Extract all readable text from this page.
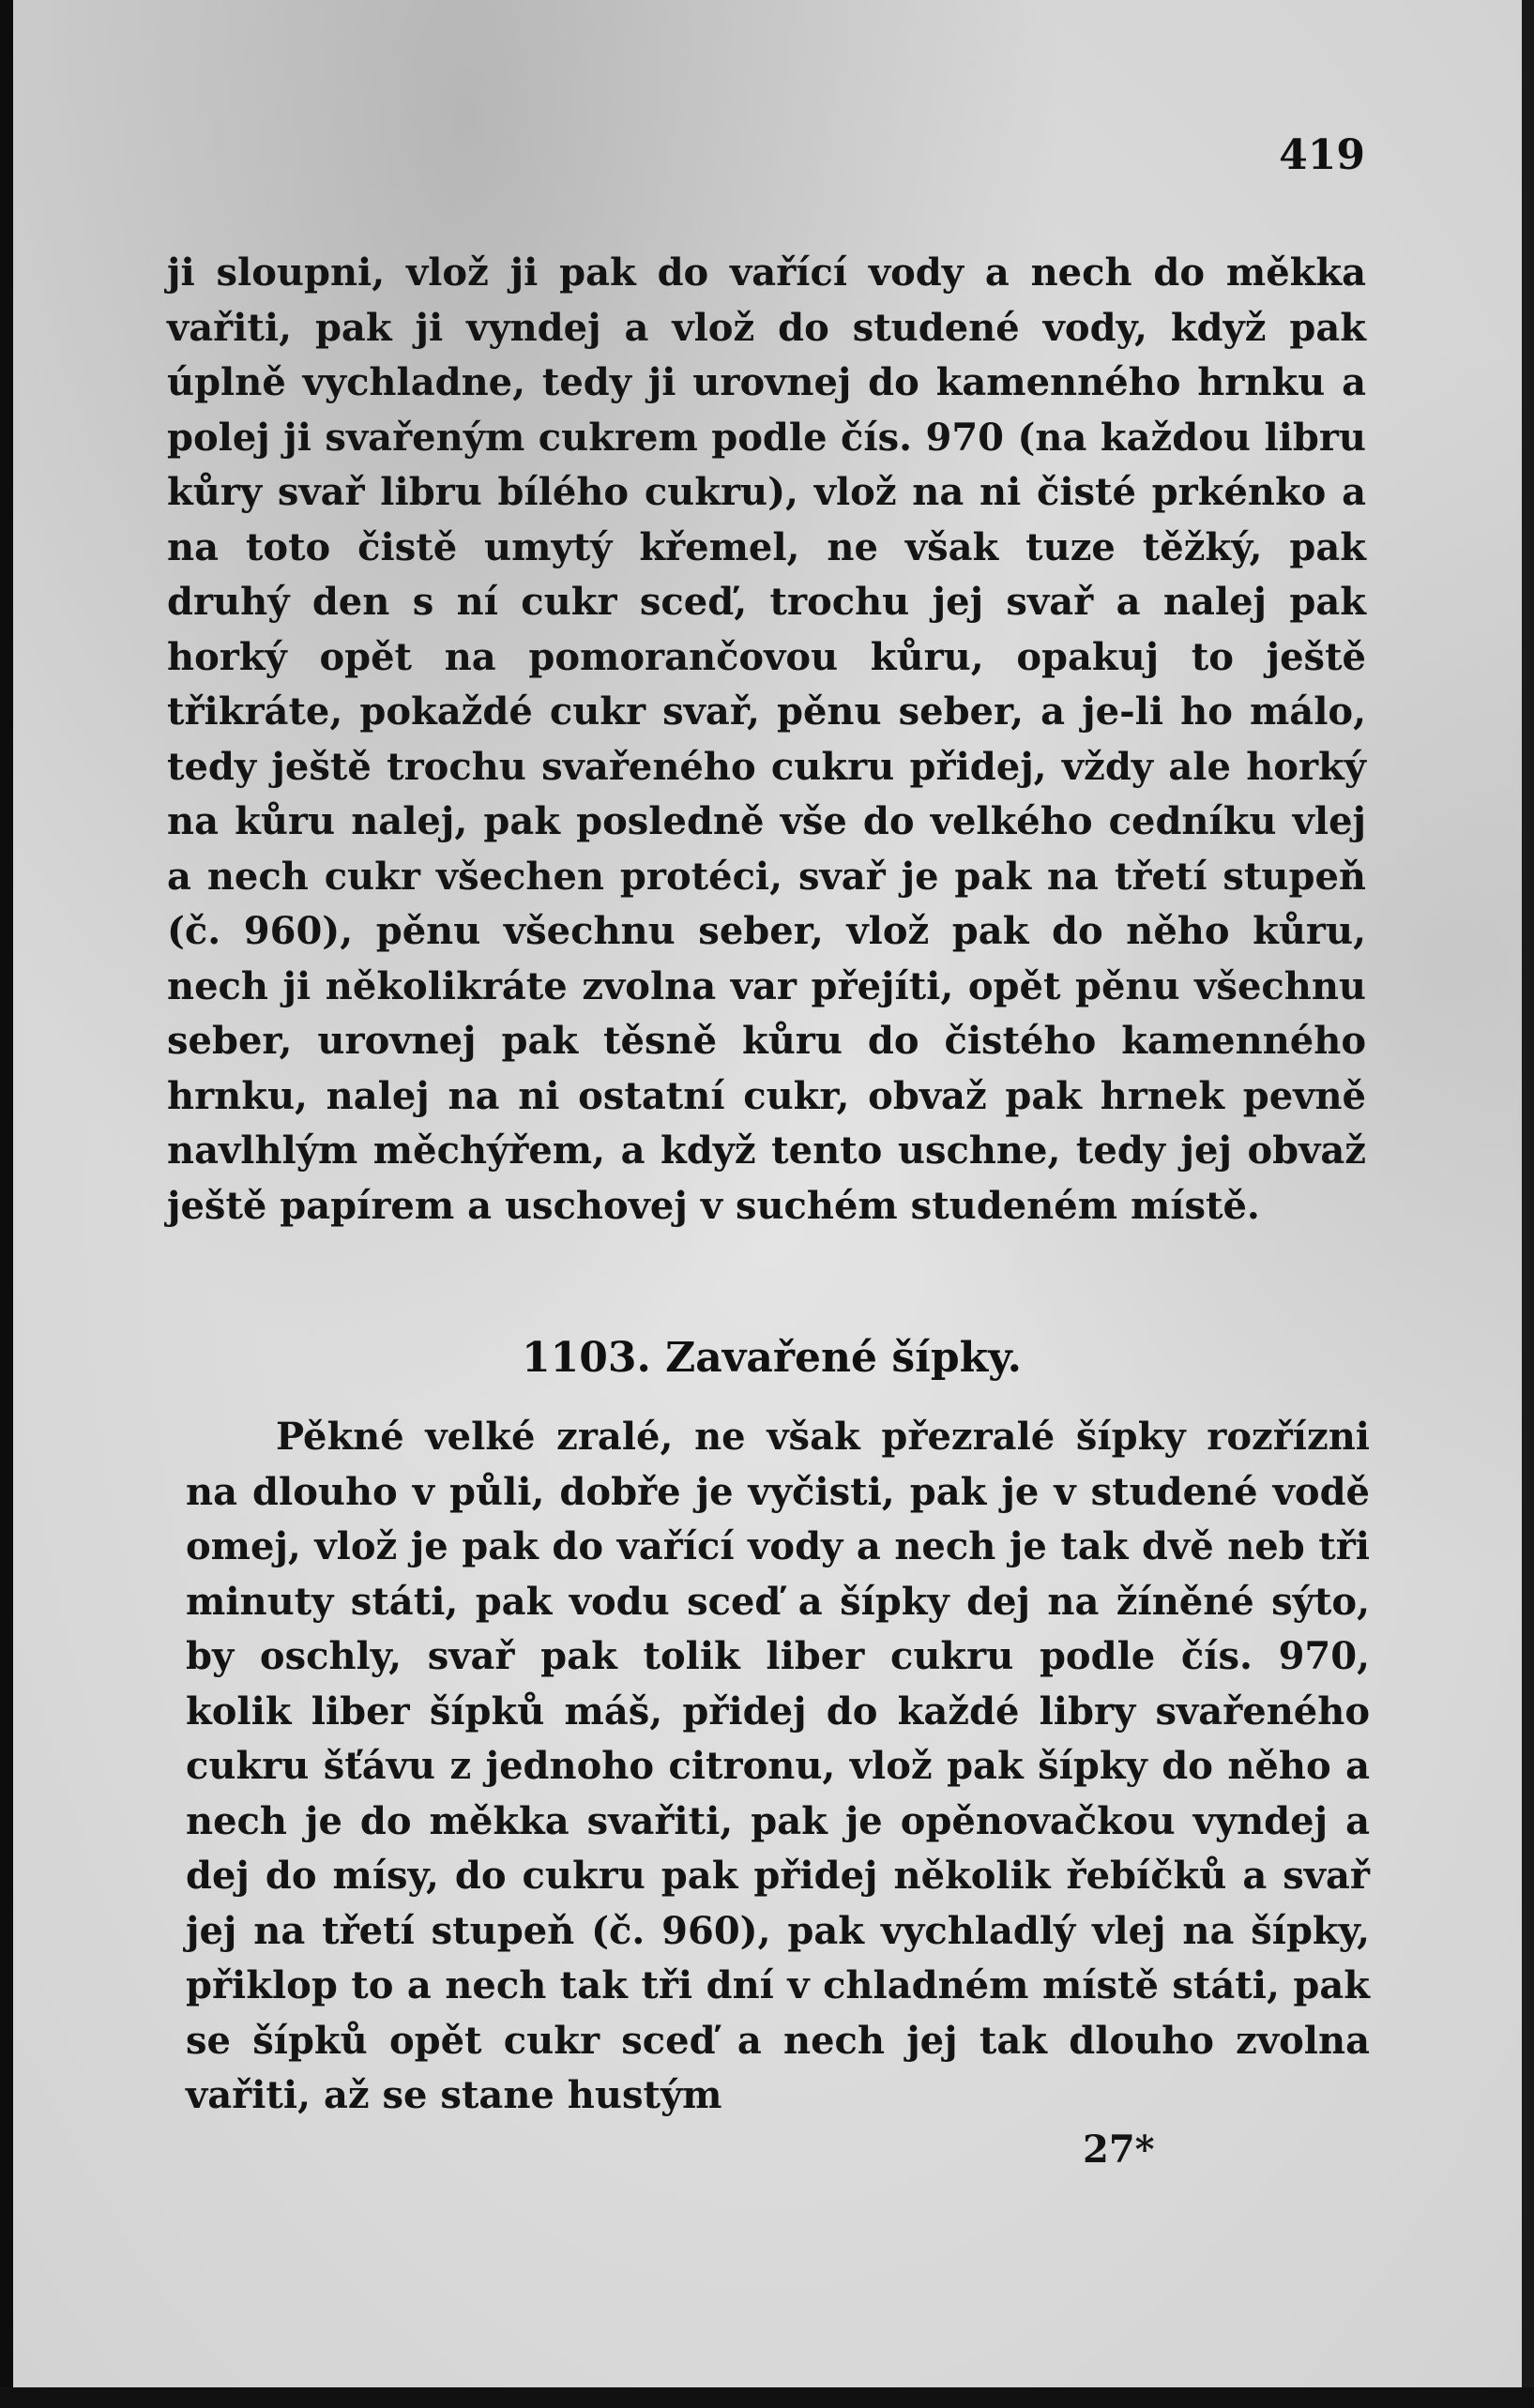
419
ji sloupni, vlož ji pak do vařící vody a nech do měkka vařiti, pak ji vyndej a vlož do studené vody, když pak úplně vychladne, tedy ji urovnej do kamenného hrnku a polej ji svařeným cukrem podle čís. 970 (na každou libru kůry svař libru bílého cukru), vlož na ni čisté prkénko a na toto čistě umytý křemel, ne však tuze těžký, pak druhý den s ní cukr sceď, trochu jej svař a nalej pak horký opět na pomorančovou kůru, opakuj to ještě třikráte, pokaždé cukr svař, pěnu seber, a je-li ho málo, tedy ještě trochu svařeného cukru přidej, vždy ale horký na kůru nalej, pak posledně vše do velkého cedníku vlej a nech cukr všechen protéci, svař je pak na třetí stupeň (č. 960), pěnu všechnu seber, vlož pak do něho kůru, nech ji několikráte zvolna var přejíti, opět pěnu všechnu seber, urovnej pak těsně kůru do čistého kamenného hrnku, nalej na ni ostatní cukr, obvaž pak hrnek pevně navlhlým měchýřem, a když tento uschne, tedy jej obvaž ještě papírem a uschovej v suchém studeném místě.
1103. Zavařené šípky.
Pěkné velké zralé, ne však přezralé šípky rozřízni na dlouho v půli, dobře je vyčisti, pak je v studené vodě omej, vlož je pak do vařící vody a nech je tak dvě neb tři minuty státi, pak vodu sceď a šípky dej na žíněné sýto, by oschly, svař pak tolik liber cukru podle čís. 970, kolik liber šípků máš, přidej do každé libry svařeného cukru šťávu z jednoho citronu, vlož pak šípky do něho a nech je do měkka svařiti, pak je opěnovačkou vyndej a dej do mísy, do cukru pak přidej několik řebíčků a svař jej na třetí stupeň (č. 960), pak vychladlý vlej na šípky, přiklop to a nech tak tři dní v chladném místě státi, pak se šípků opět cukr sceď a nech jej tak dlouho zvolna vařiti, až se stane hustým
27*
